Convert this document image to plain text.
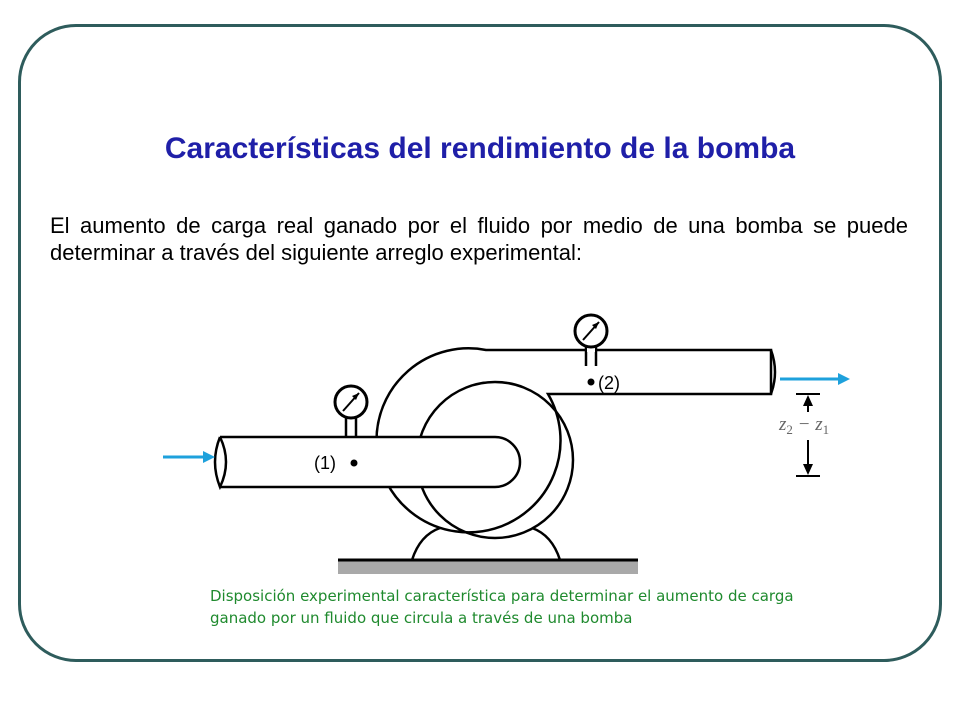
Características del rendimiento de la bomba
El aumento de carga real ganado por el fluido por medio de una bomba se puede determinar a través del siguiente arreglo experimental:
(1)
(2)
$z_2 - z_1$
Disposición experimental característica para determinar el aumento de carga ganado por un fluido que circula a través de una bomba
